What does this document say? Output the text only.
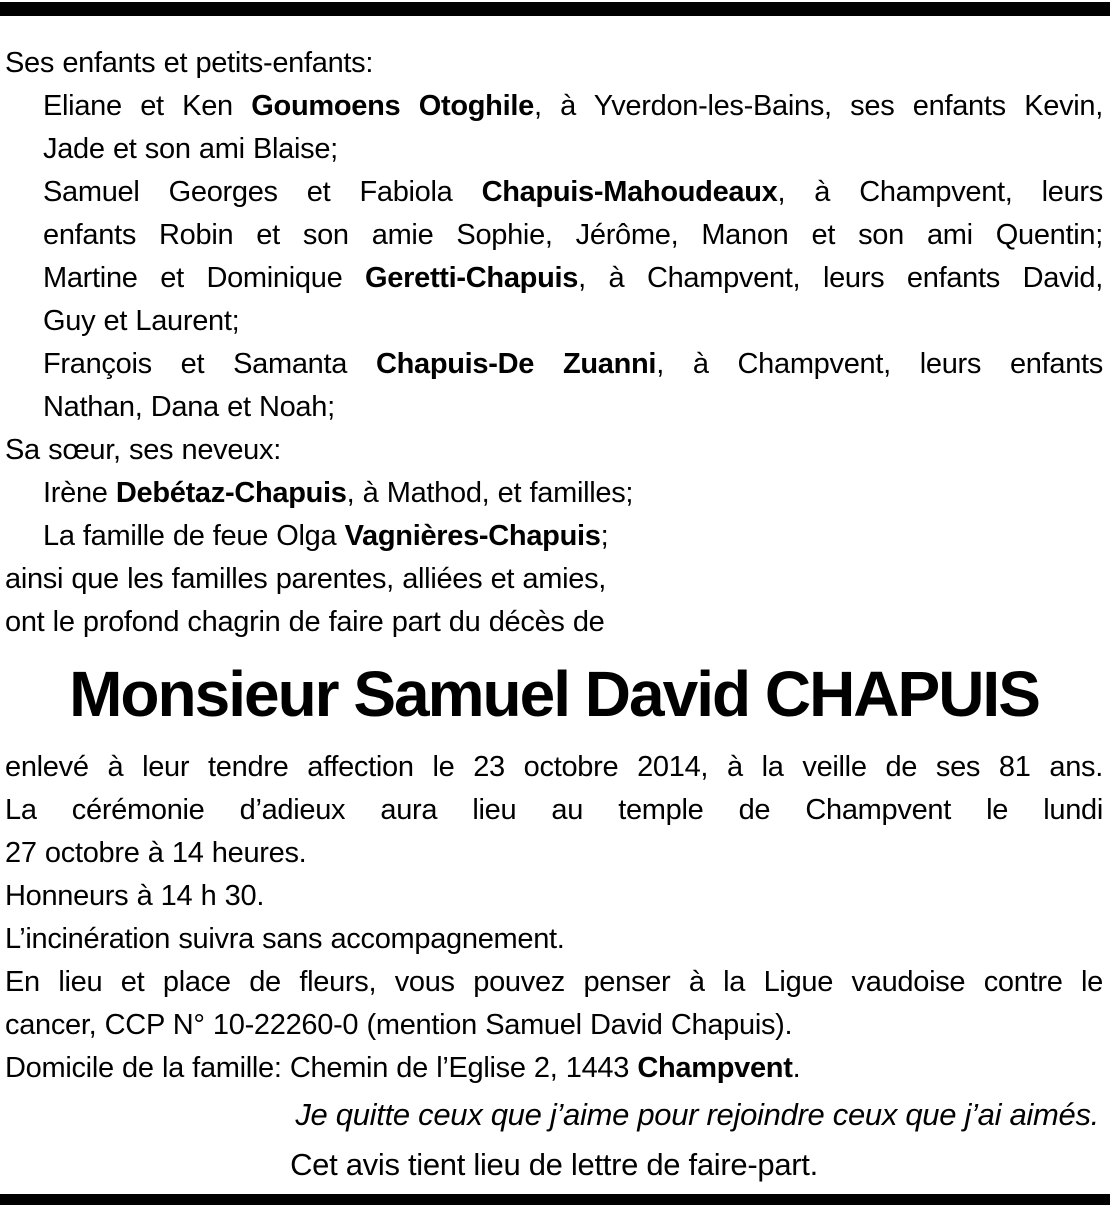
Ses enfants et petits-enfants:
Eliane et Ken Goumoens Otoghile, à Yverdon-les-Bains, ses enfants Kevin,
Jade et son ami Blaise;
Samuel Georges et Fabiola Chapuis-Mahoudeaux, à Champvent, leurs
enfants Robin et son amie Sophie, Jérôme, Manon et son ami Quentin;
Martine et Dominique Geretti-Chapuis, à Champvent, leurs enfants David,
Guy et Laurent;
François et Samanta Chapuis-De Zuanni, à Champvent, leurs enfants
Nathan, Dana et Noah;
Sa sœur, ses neveux:
Irène Debétaz-Chapuis, à Mathod, et familles;
La famille de feue Olga Vagnières-Chapuis;
ainsi que les familles parentes, alliées et amies,
ont le profond chagrin de faire part du décès de
Monsieur Samuel David CHAPUIS
enlevé à leur tendre affection le 23 octobre 2014, à la veille de ses 81 ans.
La cérémonie d’adieux aura lieu au temple de Champvent le lundi
27 octobre à 14 heures.
Honneurs à 14 h 30.
L’incinération suivra sans accompagnement.
En lieu et place de fleurs, vous pouvez penser à la Ligue vaudoise contre le
cancer, CCP N° 10-22260-0 (mention Samuel David Chapuis).
Domicile de la famille: Chemin de l’Eglise 2, 1443 Champvent.
Je quitte ceux que j’aime pour rejoindre ceux que j’ai aimés.
Cet avis tient lieu de lettre de faire-part.
